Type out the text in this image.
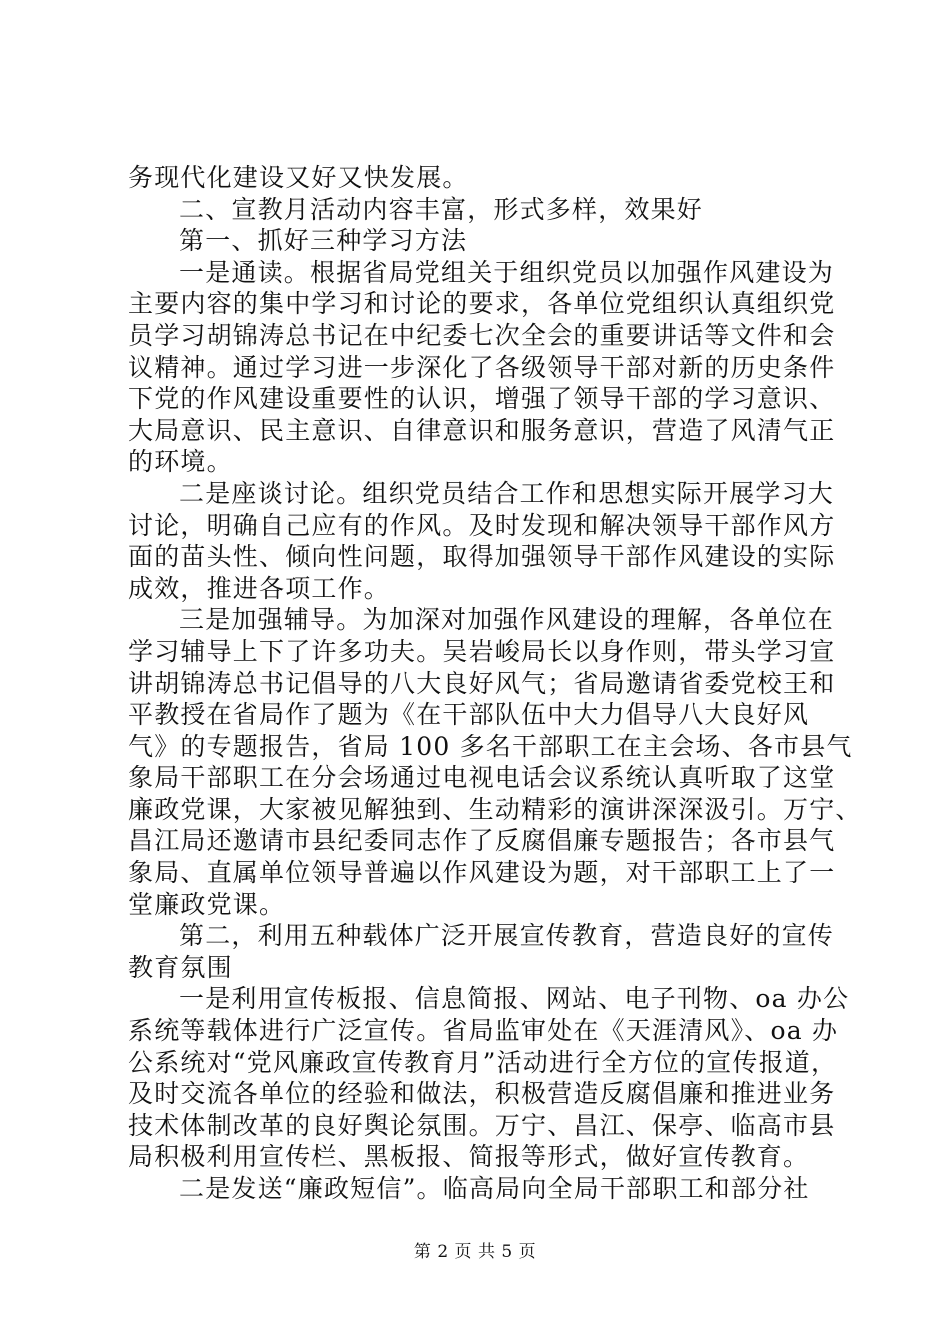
务现代化建设又好又快发展。
二、宣教月活动内容丰富，形式多样，效果好
第一、抓好三种学习方法
一是通读。根据省局党组关于组织党员以加强作风建设为
主要内容的集中学习和讨论的要求，各单位党组织认真组织党
员学习胡锦涛总书记在中纪委七次全会的重要讲话等文件和会
议精神。通过学习进一步深化了各级领导干部对新的历史条件
下党的作风建设重要性的认识，增强了领导干部的学习意识、
大局意识、民主意识、自律意识和服务意识，营造了风清气正
的环境。
二是座谈讨论。组织党员结合工作和思想实际开展学习大
讨论，明确自己应有的作风。及时发现和解决领导干部作风方
面的苗头性、倾向性问题，取得加强领导干部作风建设的实际
成效，推进各项工作。
三是加强辅导。为加深对加强作风建设的理解，各单位在
学习辅导上下了许多功夫。吴岩峻局长以身作则，带头学习宣
讲胡锦涛总书记倡导的八大良好风气；省局邀请省委党校王和
平教授在省局作了题为《在干部队伍中大力倡导八大良好风
气》的专题报告，省局 100 多名干部职工在主会场、各市县气
象局干部职工在分会场通过电视电话会议系统认真听取了这堂
廉政党课，大家被见解独到、生动精彩的演讲深深汲引。万宁、
昌江局还邀请市县纪委同志作了反腐倡廉专题报告；各市县气
象局、直属单位领导普遍以作风建设为题，对干部职工上了一
堂廉政党课。
第二，利用五种载体广泛开展宣传教育，营造良好的宣传
教育氛围
一是利用宣传板报、信息简报、网站、电子刊物、oa 办公
系统等载体进行广泛宣传。省局监审处在《天涯清风》、oa 办
公系统对“党风廉政宣传教育月”活动进行全方位的宣传报道，
及时交流各单位的经验和做法，积极营造反腐倡廉和推进业务
技术体制改革的良好舆论氛围。万宁、昌江、保亭、临高市县
局积极利用宣传栏、黑板报、简报等形式，做好宣传教育。
二是发送“廉政短信”。临高局向全局干部职工和部分社
第 2 页 共 5 页
